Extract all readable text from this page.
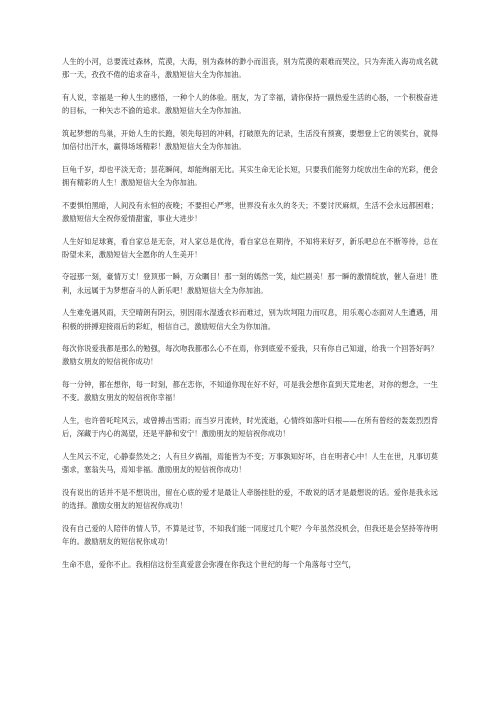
人生的小河，总要流过森林，荒漠，大海，别为森林的渺小而沮丧，别为荒漠的艰难而哭泣，只为奔流入海功成名就那一天，孜孜不倦的追求奋斗，激励短信大全为你加油。

有人说，幸福是一种人生的感悟，一种个人的体验。朋友，为了幸福，请你保持一副热爱生活的心肠，一个积极奋进的目标，一种矢志不渝的追求。激励短信大全为你加油。

筑起梦想的鸟巢，开始人生的长跑，领先每回的冲刺，打破原先的记录，生活没有预赛，要想登上它的领奖台，就得加倍付出汗水，赢得场场精彩！激励短信大全为你加油。

巨龟千岁，却也平淡无奇；昙花瞬间，却能绚丽无比。其实生命无论长短，只要我们能努力绽放出生命的光彩，便会拥有精彩的人生！激励短信大全为你加油。

不要惧怕黑暗，人间没有永恒的夜晚；不要担心严寒，世界没有永久的冬天；不要讨厌麻烦，生活不会永远都困难；激励短信大全祝你爱情甜蜜，事业大进步！

人生好如足球赛，看自家总是无奈，对人家总是优待，看自家总在期待，不知将来好歹，新乐吧总在不断等待，总在盼望未来，激励短信大全愿你的人生美开！

夺冠那一刻，豪情万丈！登顶那一瞬，万众瞩目！那一刻的嫣然一笑，灿烂剧美！那一瞬的激情绽放，催人奋进！胜利，永远属于为梦想奋斗的人新乐吧！激励短信大全为你加油。

人生难免遇风雨，天空晴朗有阴云，别因雨水湿透衣衫而难过，别为坎坷阻力而叹息，用乐观心态面对人生遭遇，用积极的拼搏迎接雨后的彩虹，相信自己，激励短信大全为你加油。

每次你说爱我都是那么的勉强，每次吻我都那么心不在焉，你到底爱不爱我，只有你自己知道，给我一个回答好吗？激励女朋友的短信祝你成功！

每一分钟，都在想你，每一时刻，都在恋你，不知道你现在好不好，可是我会想你直到天荒地老，对你的想念，一生不变。激励女朋友的短信祝你幸福！

人生，也许曾吒咤风云，或曾搏击雪雨；而当岁月流转，时光流逝，心情终如落叶归根——在所有曾经的轰轰烈烈背后，深藏于内心的渴望，还是平静和安宁！激励朋友的短信祝你成功！

人生风云不定，心静泰然处之；人有旦夕祸福，焉能皆为不变；万事孰知好坏，自在明者心中！人生在世，凡事切莫强求，塞翁失马，焉知非福。激励朋友的短信祝你成功！

没有说出的话并不是不想说出，留在心底的爱才是最让人牵肠挂肚的爱，不敢说的话才是最想说的话。爱你是我永远的选择。激励女朋友的短信祝你成功！

没有自己爱的人陪伴的情人节，不算是过节，不知我们能一同度过几个呢？今年虽然没机会，但我还是会坚持等待明年的。激励朋友的短信祝你成功！

生命不息，爱你不止。我相信这份至真爱意会弥漫在你我这个世纪的每一个角落每寸空气，
